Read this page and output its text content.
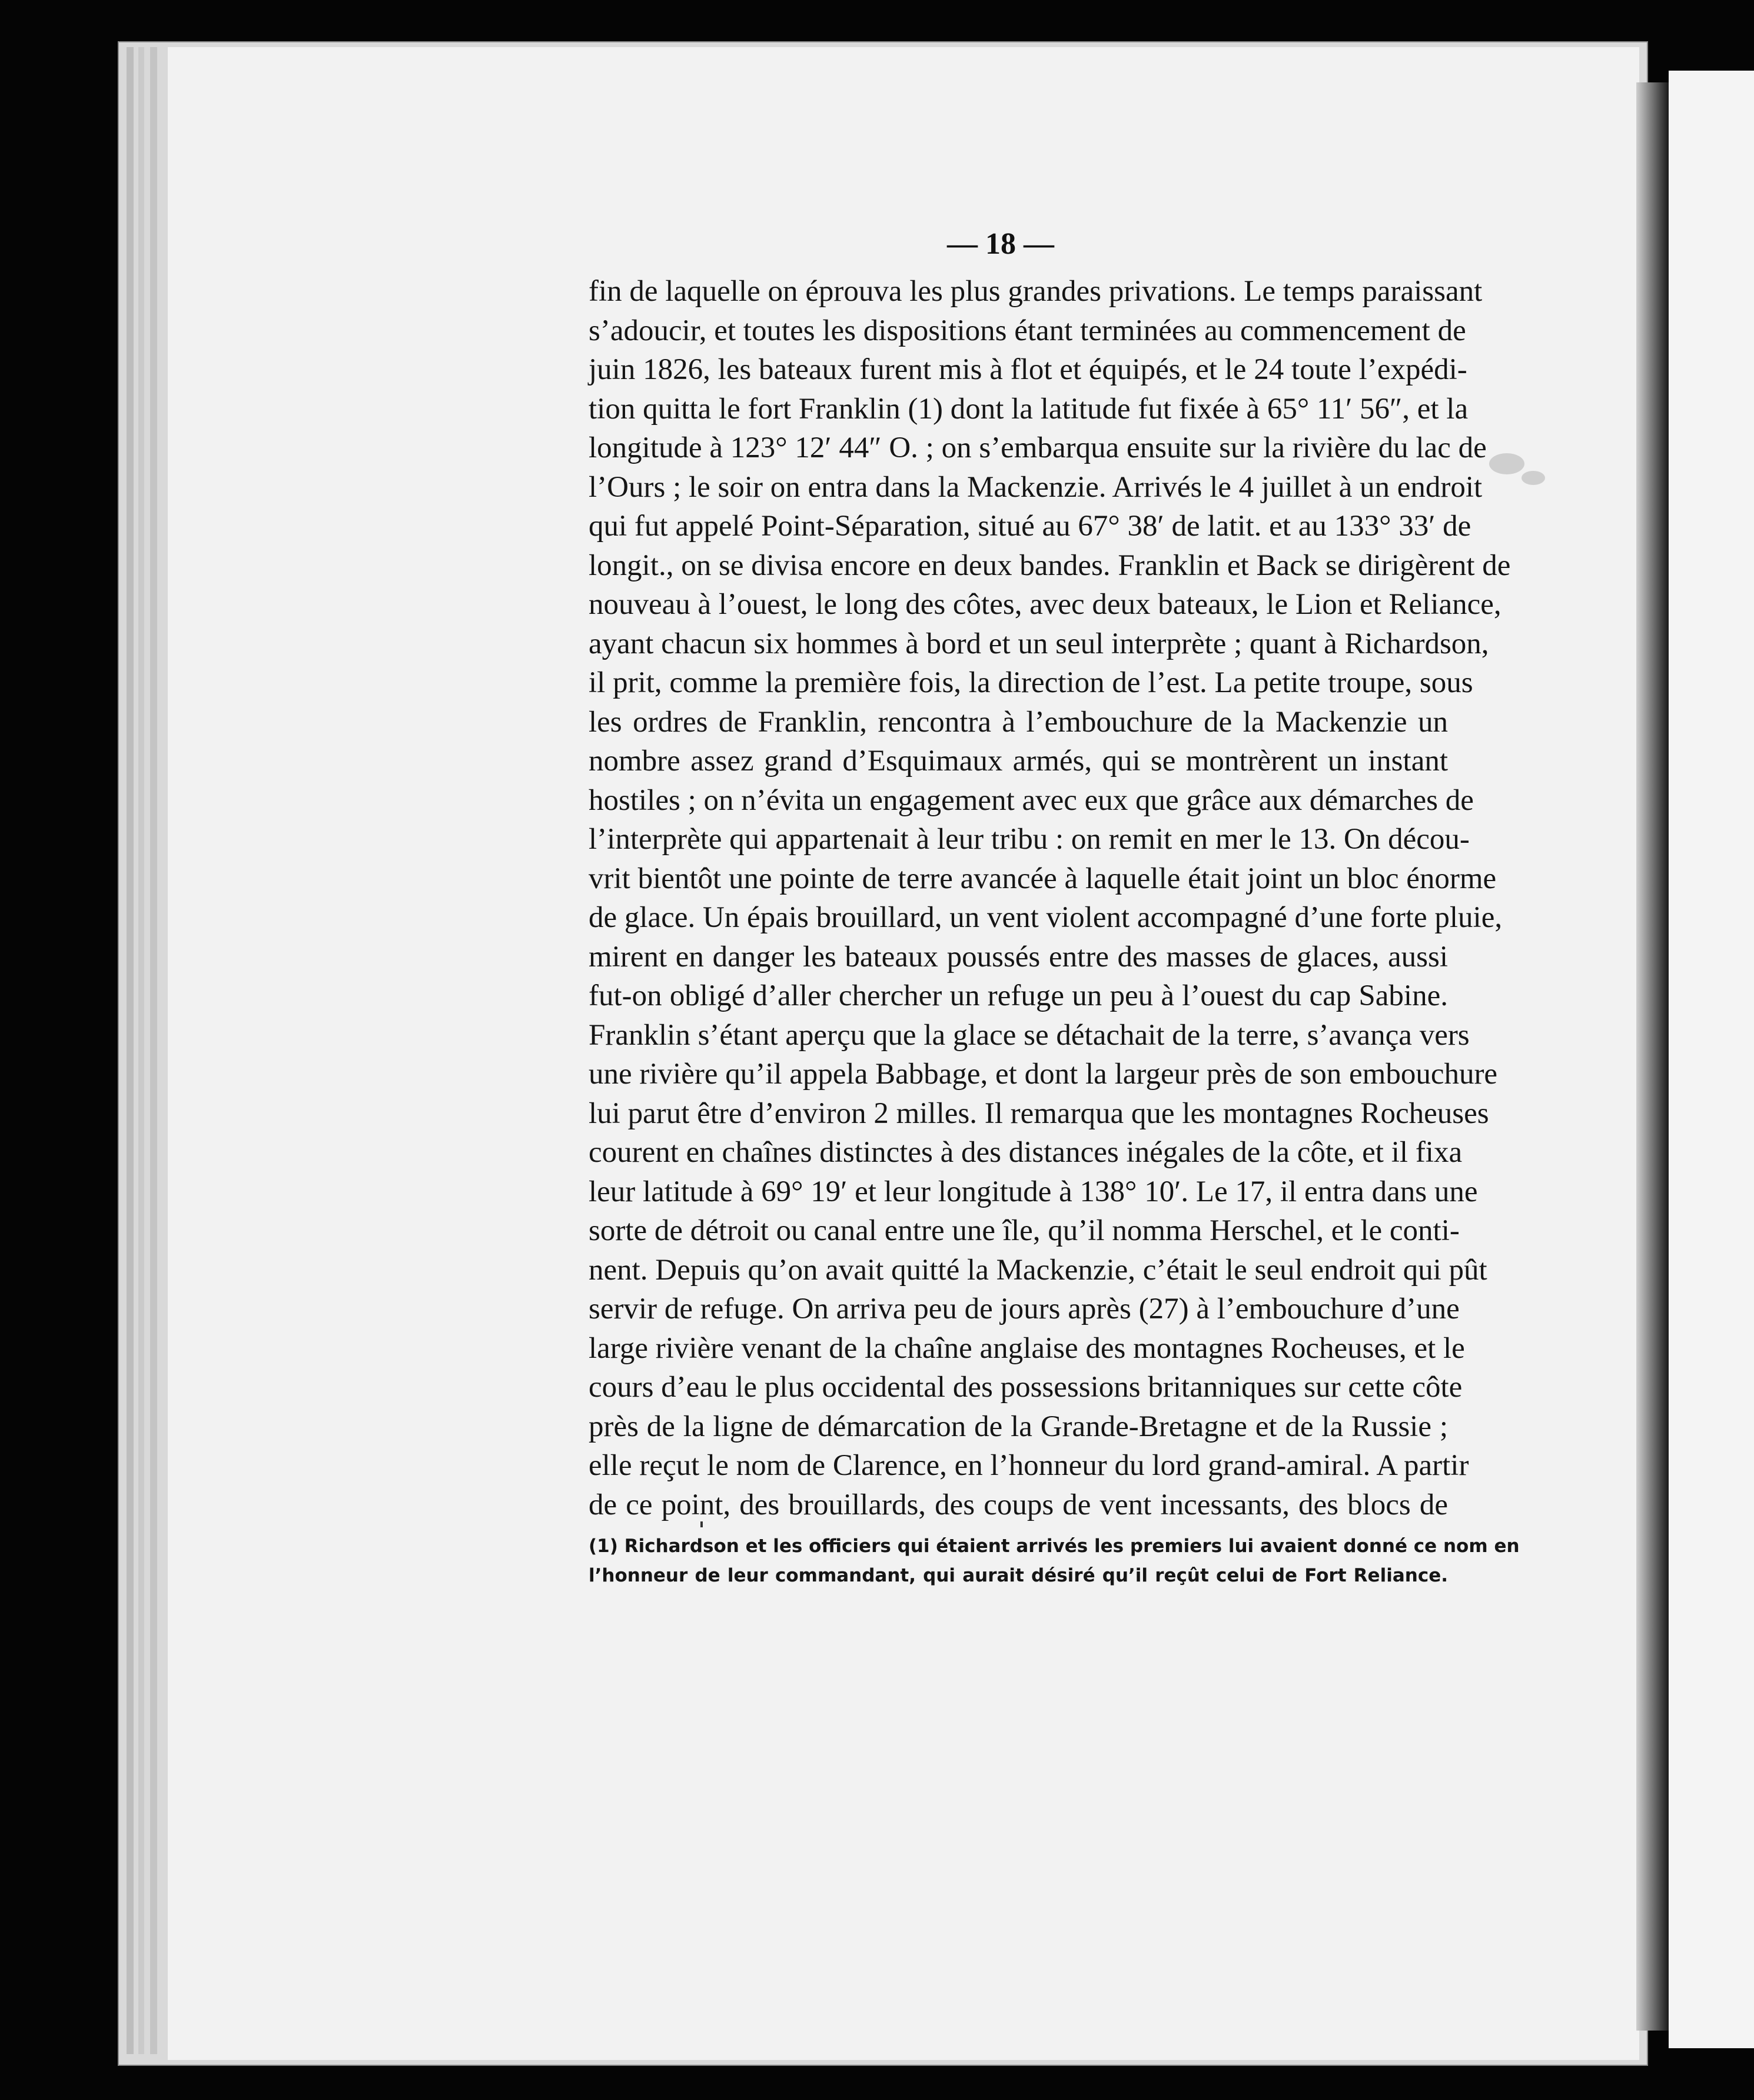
— 18 —
fin de laquelle on éprouva les plus grandes privations. Le temps paraissant
s’adoucir, et toutes les dispositions étant terminées au commencement de
juin 1826, les bateaux furent mis à flot et équipés, et le 24 toute l’expédi-
tion quitta le fort Franklin (1) dont la latitude fut fixée à 65° 11′ 56″, et la
longitude à 123° 12′ 44″ O. ; on s’embarqua ensuite sur la rivière du lac de
l’Ours ; le soir on entra dans la Mackenzie. Arrivés le 4 juillet à un endroit
qui fut appelé Point-Séparation, situé au 67° 38′ de latit. et au 133° 33′ de
longit., on se divisa encore en deux bandes. Franklin et Back se dirigèrent de
nouveau à l’ouest, le long des côtes, avec deux bateaux, le Lion et Reliance,
ayant chacun six hommes à bord et un seul interprète ; quant à Richardson,
il prit, comme la première fois, la direction de l’est. La petite troupe, sous
les ordres de Franklin, rencontra à l’embouchure de la Mackenzie un
nombre assez grand d’Esquimaux armés, qui se montrèrent un instant
hostiles ; on n’évita un engagement avec eux que grâce aux démarches de
l’interprète qui appartenait à leur tribu : on remit en mer le 13. On décou-
vrit bientôt une pointe de terre avancée à laquelle était joint un bloc énorme
de glace. Un épais brouillard, un vent violent accompagné d’une forte pluie,
mirent en danger les bateaux poussés entre des masses de glaces, aussi
fut-on obligé d’aller chercher un refuge un peu à l’ouest du cap Sabine.
Franklin s’étant aperçu que la glace se détachait de la terre, s’avança vers
une rivière qu’il appela Babbage, et dont la largeur près de son embouchure
lui parut être d’environ 2 milles. Il remarqua que les montagnes Rocheuses
courent en chaînes distinctes à des distances inégales de la côte, et il fixa
leur latitude à 69° 19′ et leur longitude à 138° 10′. Le 17, il entra dans une
sorte de détroit ou canal entre une île, qu’il nomma Herschel, et le conti-
nent. Depuis qu’on avait quitté la Mackenzie, c’était le seul endroit qui pût
servir de refuge. On arriva peu de jours après (27) à l’embouchure d’une
large rivière venant de la chaîne anglaise des montagnes Rocheuses, et le
cours d’eau le plus occidental des possessions britanniques sur cette côte
près de la ligne de démarcation de la Grande-Bretagne et de la Russie ;
elle reçut le nom de Clarence, en l’honneur du lord grand-amiral. A partir
de ce point, des brouillards, des coups de vent incessants, des blocs de
(1) Richardson et les officiers qui étaient arrivés les premiers lui avaient donné ce nom en
l’honneur de leur commandant, qui aurait désiré qu’il reçût celui de Fort Reliance.
